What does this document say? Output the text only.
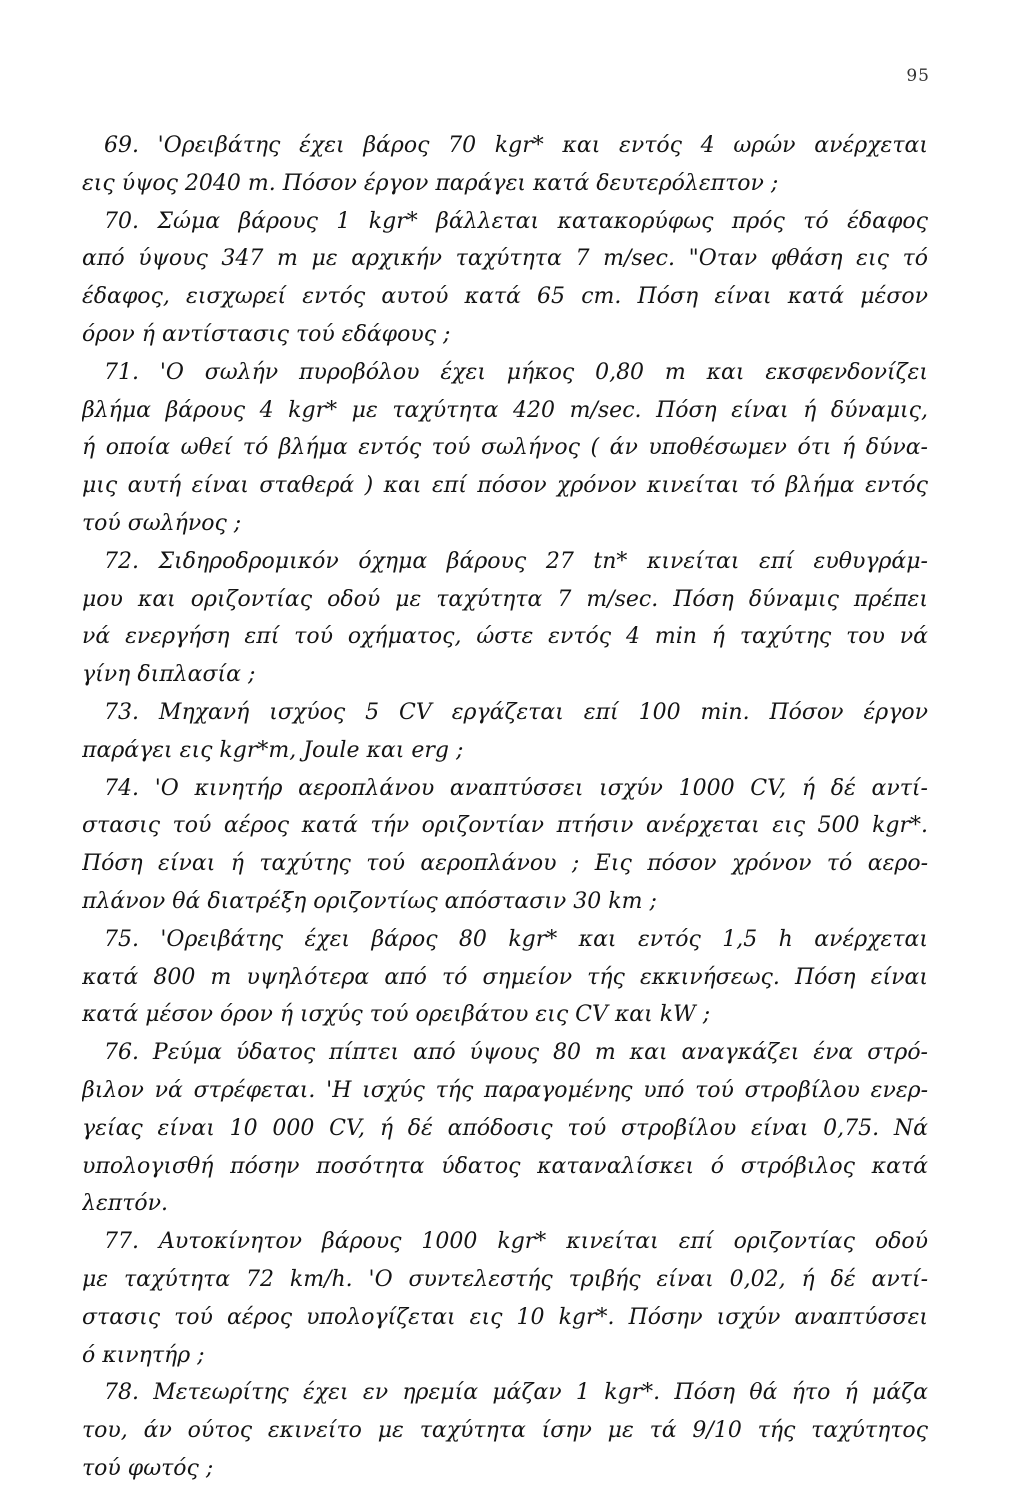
95
69. 'Ορειβάτης έχει βάρος 70 kgr* και εντός 4 ωρών ανέρχεται
εις ύψος 2040 m. Πόσον έργον παράγει κατά δευτερόλεπτον ;
70. Σώμα βάρους 1 kgr* βάλλεται κατακορύφως πρός τό έδαφος
από ύψους 347 m με αρχικήν ταχύτητα 7 m/sec. "Οταν φθάση εις τό
έδαφος, εισχωρεί εντός αυτού κατά 65 cm. Πόση είναι κατά μέσον
όρον ή αντίστασις τού εδάφους ;
71. 'Ο σωλήν πυροβόλου έχει μήκος 0,80 m και εκσφενδονίζει
βλήμα βάρους 4 kgr* με ταχύτητα 420 m/sec. Πόση είναι ή δύναμις,
ή οποία ωθεί τό βλήμα εντός τού σωλήνος ( άν υποθέσωμεν ότι ή δύνα-
μις αυτή είναι σταθερά ) και επί πόσον χρόνον κινείται τό βλήμα εντός
τού σωλήνος ;
72. Σιδηροδρομικόν όχημα βάρους 27 tn* κινείται επί ευθυγράμ-
μου και οριζοντίας οδού με ταχύτητα 7 m/sec. Πόση δύναμις πρέπει
νά ενεργήση επί τού οχήματος, ώστε εντός 4 min ή ταχύτης του νά
γίνη διπλασία ;
73. Μηχανή ισχύος 5 CV εργάζεται επί 100 min. Πόσον έργον
παράγει εις kgr*m, Joule και erg ;
74. 'Ο κινητήρ αεροπλάνου αναπτύσσει ισχύν 1000 CV, ή δέ αντί-
στασις τού αέρος κατά τήν οριζοντίαν πτήσιν ανέρχεται εις 500 kgr*.
Πόση είναι ή ταχύτης τού αεροπλάνου ; Εις πόσον χρόνον τό αερο-
πλάνον θά διατρέξη οριζοντίως απόστασιν 30 km ;
75. 'Ορειβάτης έχει βάρος 80 kgr* και εντός 1,5 h ανέρχεται
κατά 800 m υψηλότερα από τό σημείον τής εκκινήσεως. Πόση είναι
κατά μέσον όρον ή ισχύς τού ορειβάτου εις CV και kW ;
76. Ρεύμα ύδατος πίπτει από ύψους 80 m και αναγκάζει ένα στρό-
βιλον νά στρέφεται. 'Η ισχύς τής παραγομένης υπό τού στροβίλου ενερ-
γείας είναι 10 000 CV, ή δέ απόδοσις τού στροβίλου είναι 0,75. Νά
υπολογισθή πόσην ποσότητα ύδατος καταναλίσκει ό στρόβιλος κατά
λεπτόν.
77. Αυτοκίνητον βάρους 1000 kgr* κινείται επί οριζοντίας οδού
με ταχύτητα 72 km/h. 'Ο συντελεστής τριβής είναι 0,02, ή δέ αντί-
στασις τού αέρος υπολογίζεται εις 10 kgr*. Πόσην ισχύν αναπτύσσει
ό κινητήρ ;
78. Μετεωρίτης έχει εν ηρεμία μάζαν 1 kgr*. Πόση θά ήτο ή μάζα
του, άν ούτος εκινείτο με ταχύτητα ίσην με τά 9/10 τής ταχύτητος
τού φωτός ;
